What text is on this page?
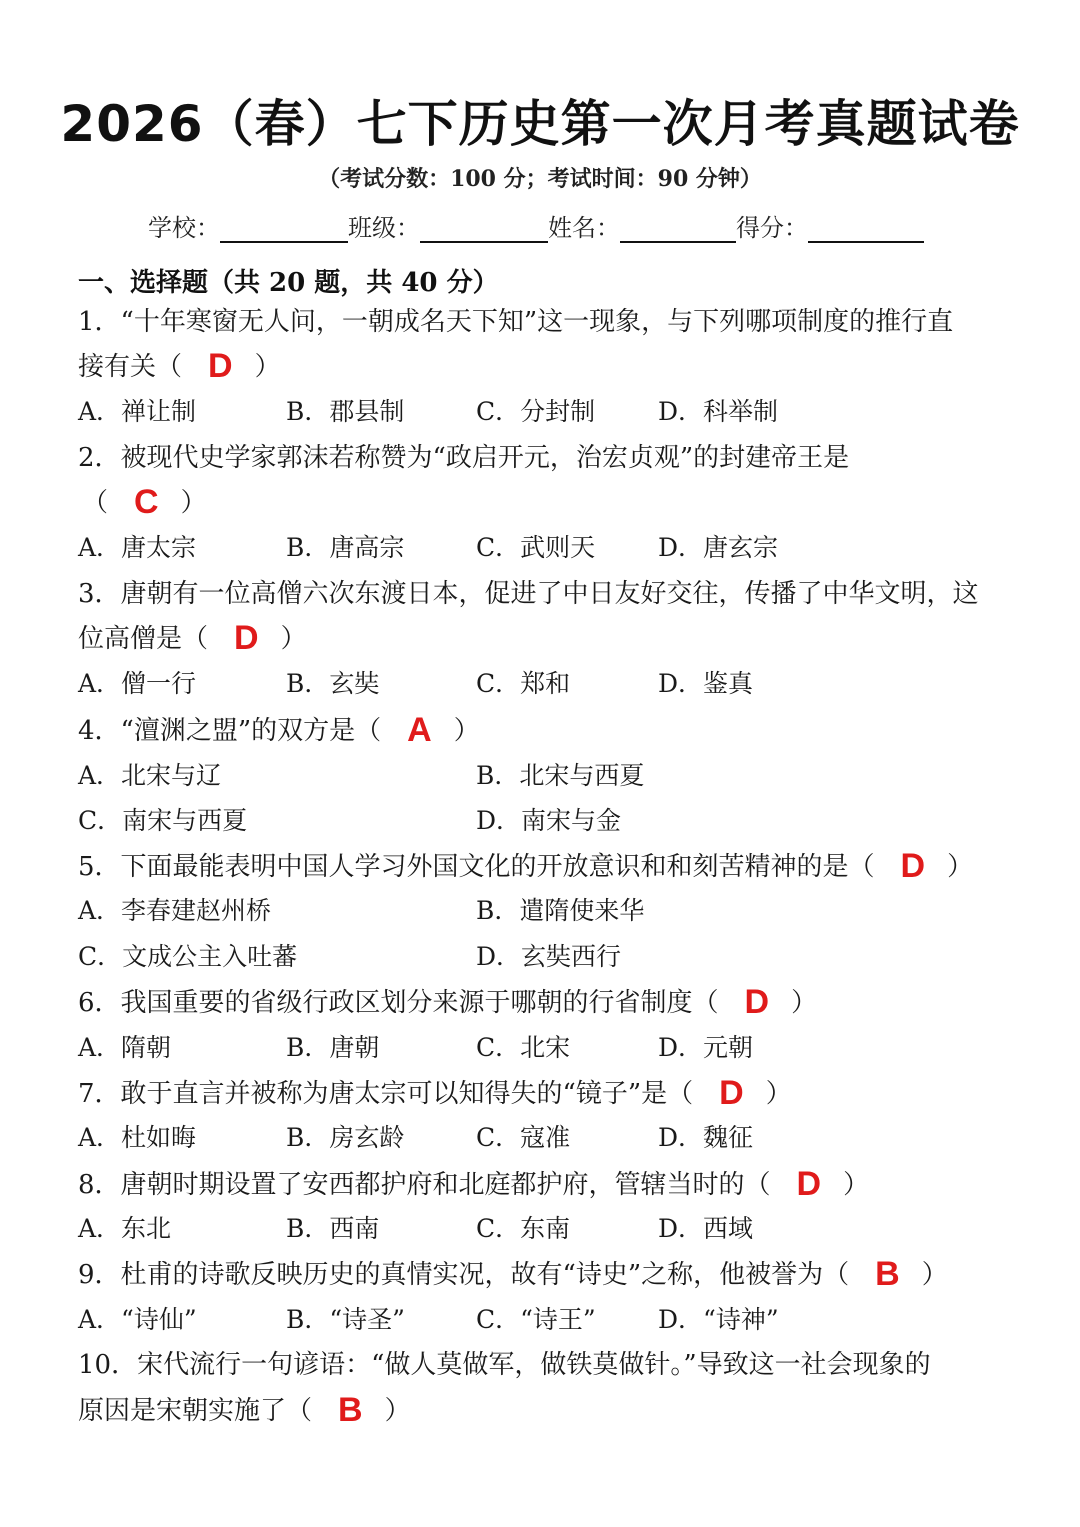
2026（春）七下历史第一次月考真题试卷
（考试分数：100 分；考试时间：90 分钟）
学校：	班级：	姓名：	得分：
一、选择题（共 20 题，共 40 分）
1．“十年寒窗无人问，一朝成名天下知”这一现象，与下列哪项制度的推行直
接有关（ D ）
A．禅让制	B．郡县制	C．分封制	D．科举制
2．被现代史学家郭沫若称赞为“政启开元，治宏贞观”的封建帝王是
（ C ）
A．唐太宗	B．唐高宗	C．武则天	D．唐玄宗
3．唐朝有一位高僧六次东渡日本，促进了中日友好交往，传播了中华文明，这
位高僧是（ D ）
A．僧一行	B．玄奘	C．郑和	D．鉴真
4．“澶渊之盟”的双方是（ A ）
A．北宋与辽	B．北宋与西夏
C．南宋与西夏	D．南宋与金
5．下面最能表明中国人学习外国文化的开放意识和和刻苦精神的是（ D ）
A．李春建赵州桥	B．遣隋使来华
C．文成公主入吐蕃	D．玄奘西行
6．我国重要的省级行政区划分来源于哪朝的行省制度（ D ）
A．隋朝	B．唐朝	C．北宋	D．元朝
7．敢于直言并被称为唐太宗可以知得失的“镜子”是（ D ）
A．杜如晦	B．房玄龄	C．寇准	D．魏征
8．唐朝时期设置了安西都护府和北庭都护府，管辖当时的（ D ）
A．东北	B．西南	C．东南	D．西域
9．杜甫的诗歌反映历史的真情实况，故有“诗史”之称，他被誉为（ B ）
A．“诗仙”	B．“诗圣”	C．“诗王” D．“诗神”
10．宋代流行一句谚语：“做人莫做军，做铁莫做针。”导致这一社会现象的
原因是宋朝实施了（ B ）
